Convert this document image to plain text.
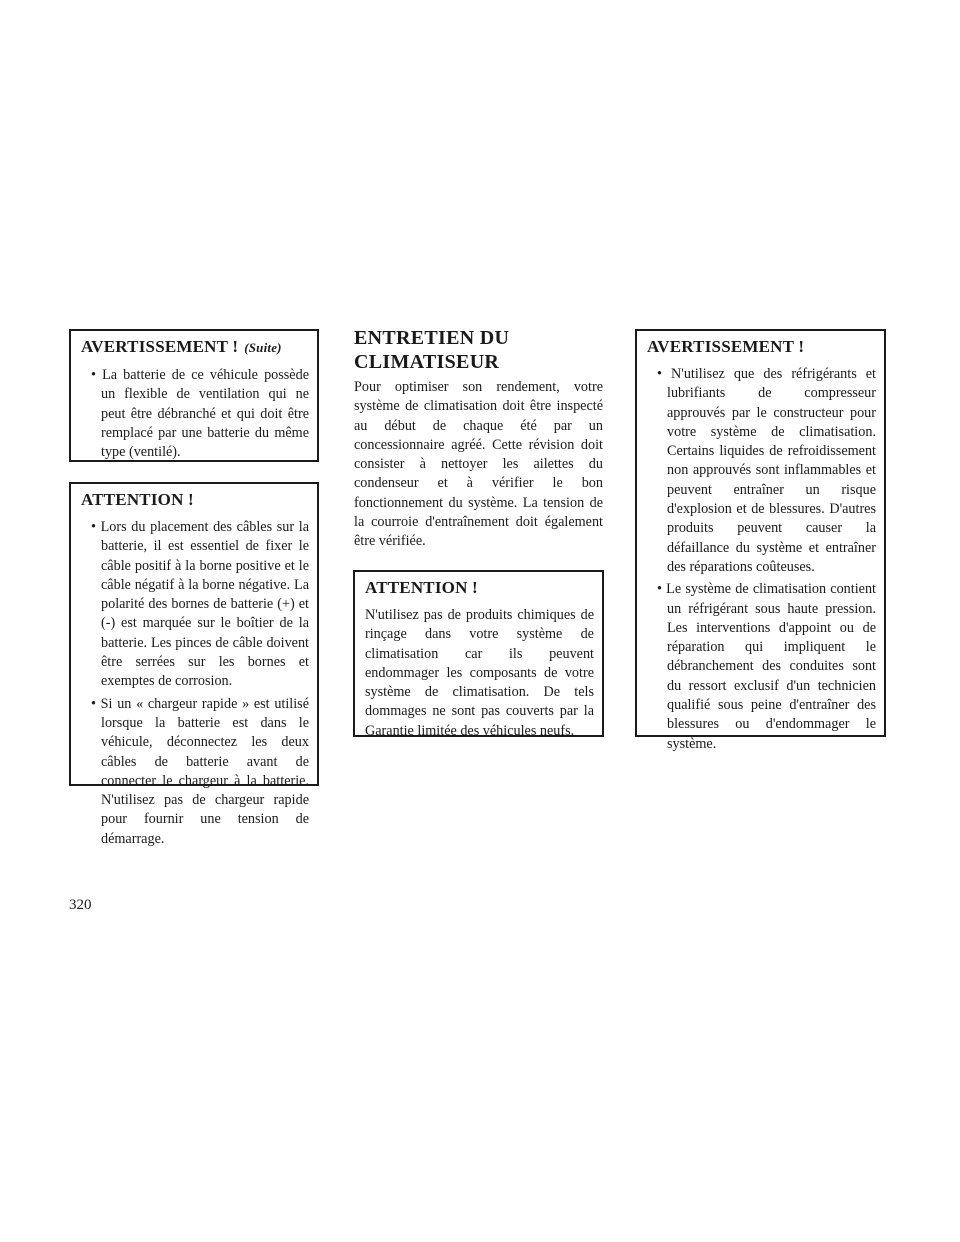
AVERTISSEMENT ! (Suite)
• La batterie de ce véhicule possède un flexible de ventilation qui ne peut être débranché et qui doit être remplacé par une batterie du même type (ventilé).
ATTENTION !
• Lors du placement des câbles sur la batterie, il est essentiel de fixer le câble positif à la borne positive et le câble négatif à la borne négative. La polarité des bornes de batterie (+) et (-) est marquée sur le boîtier de la batterie. Les pinces de câble doivent être serrées sur les bornes et exemptes de corrosion.
• Si un « chargeur rapide » est utilisé lorsque la batterie est dans le véhicule, déconnectez les deux câbles de batterie avant de connecter le chargeur à la batterie. N'utilisez pas de chargeur rapide pour fournir une tension de démarrage.
ENTRETIEN DU
CLIMATISEUR

Pour optimiser son rendement, votre système de climatisation doit être inspecté au début de chaque été par un concessionnaire agréé. Cette révision doit consister à nettoyer les ailettes du condenseur et à vérifier le bon fonctionnement du système. La tension de la courroie d'entraînement doit également être vérifiée.

ATTENTION !

N'utilisez pas de produits chimiques de rinçage dans votre système de climatisation car ils peuvent endommager les composants de votre système de climatisation. De tels dommages ne sont pas couverts par la Garantie limitée des véhicules neufs.

AVERTISSEMENT !
• N'utilisez que des réfrigérants et lubrifiants de compresseur approuvés par le constructeur pour votre système de climatisation. Certains liquides de refroidissement non approuvés sont inflammables et peuvent entraîner un risque d'explosion et de blessures. D'autres produits peuvent causer la défaillance du système et entraîner des réparations coûteuses.
• Le système de climatisation contient un réfrigérant sous haute pression. Les interventions d'appoint ou de réparation qui impliquent le débranchement des conduites sont du ressort exclusif d'un technicien qualifié sous peine d'entraîner des blessures ou d'endommager le système.
320
